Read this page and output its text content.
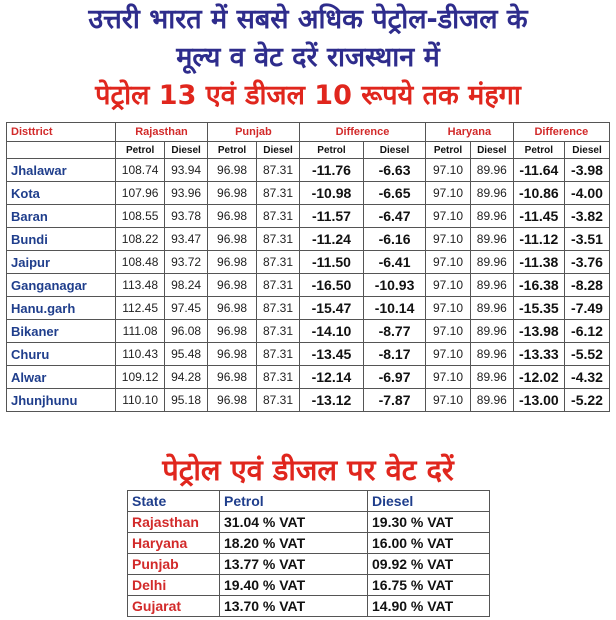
उत्तरी भारत में सबसे अधिक पेट्रोल-डीजल के
मूल्य व वेट दरें राजस्थान में
पेट्रोल 13 एवं डीजल 10 रूपये तक मंहगा
Disttrict	Rajasthan		Punjab		Difference		Haryana		Difference	
	Petrol	Diesel	Petrol	Diesel	Petrol	Diesel	Petrol	Diesel	Petrol	Diesel
Jhalawar	108.74	93.94	96.98	87.31	-11.76	-6.63	97.10	89.96	-11.64	-3.98
Kota	107.96	93.96	96.98	87.31	-10.98	-6.65	97.10	89.96	-10.86	-4.00
Baran	108.55	93.78	96.98	87.31	-11.57	-6.47	97.10	89.96	-11.45	-3.82
Bundi	108.22	93.47	96.98	87.31	-11.24	-6.16	97.10	89.96	-11.12	-3.51
Jaipur	108.48	93.72	96.98	87.31	-11.50	-6.41	97.10	89.96	-11.38	-3.76
Ganganagar	113.48	98.24	96.98	87.31	-16.50	-10.93	97.10	89.96	-16.38	-8.28
Hanu.garh	112.45	97.45	96.98	87.31	-15.47	-10.14	97.10	89.96	-15.35	-7.49
Bikaner	111.08	96.08	96.98	87.31	-14.10	-8.77	97.10	89.96	-13.98	-6.12
Churu	110.43	95.48	96.98	87.31	-13.45	-8.17	97.10	89.96	-13.33	-5.52
Alwar	109.12	94.28	96.98	87.31	-12.14	-6.97	97.10	89.96	-12.02	-4.32
Jhunjhunu	110.10	95.18	96.98	87.31	-13.12	-7.87	97.10	89.96	-13.00	-5.22
पेट्रोल एवं डीजल पर वेट दरें
State	Petrol	Diesel
Rajasthan	31.04 % VAT	19.30 % VAT
Haryana	18.20 % VAT	16.00 % VAT
Punjab	13.77 % VAT	09.92 % VAT
Delhi	19.40 % VAT	16.75 % VAT
Gujarat	13.70 % VAT	14.90 % VAT
